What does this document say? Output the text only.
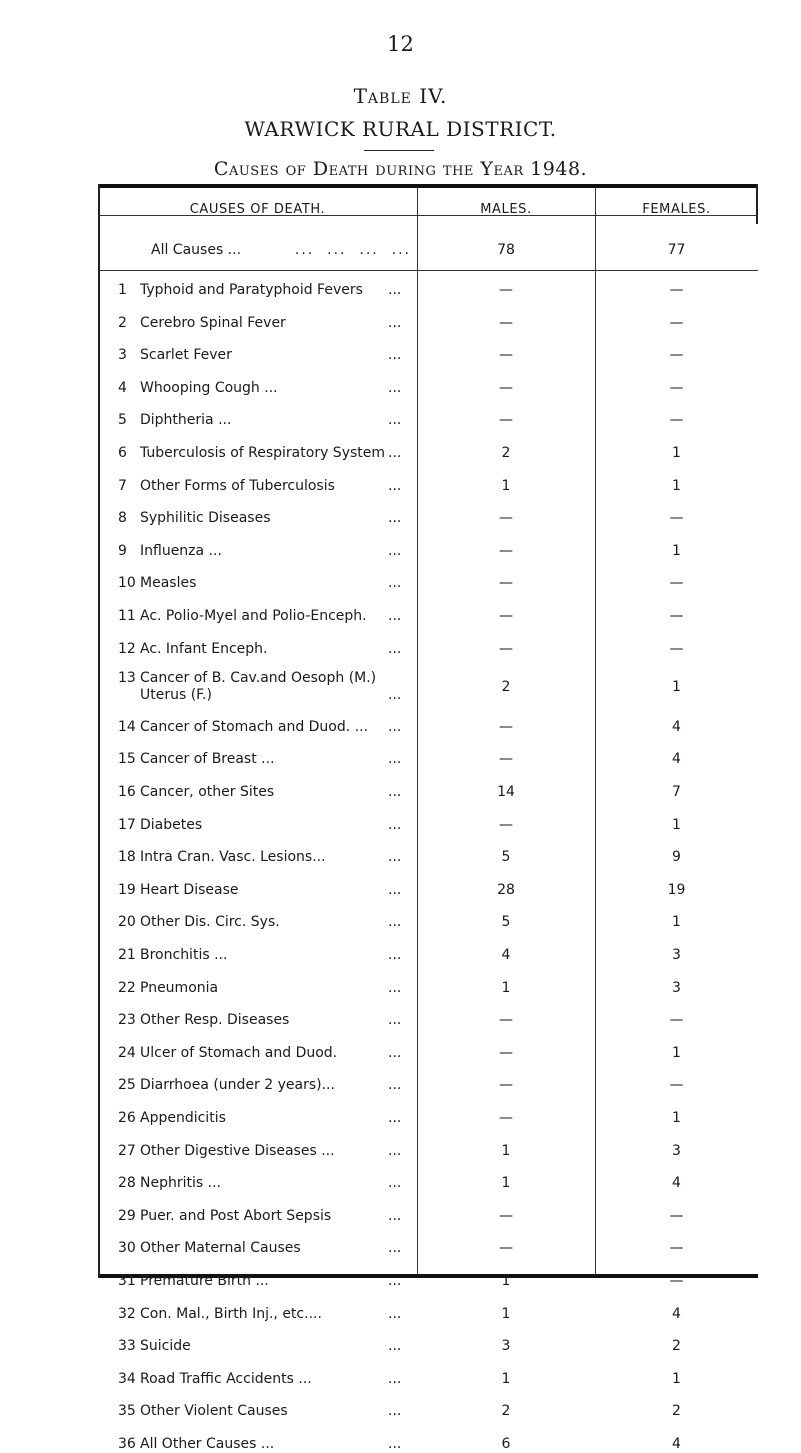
12
Table IV.
WARWICK RURAL DISTRICT.
Causes of Death during the Year 1948.
CAUSES OF DEATH.	MALES.	FEMALES.
All Causes ...	...  ...  ...  ...	78	77
1 Typhoid and Paratyphoid Fevers	...	—	—
2 Cerebro Spinal Fever	...	—	—
3 Scarlet Fever	...	—	—
4 Whooping Cough ...	...	—	—
5 Diphtheria ...	...	—	—
6 Tuberculosis of Respiratory System ...	2	1
7 Other Forms of Tuberculosis	...	1	1
8 Syphilitic Diseases	...	—	—
9 Influenza ...	...	—	1
10 Measles	...	—	—
11 Ac. Polio-Myel and Polio-Enceph.	...	—	—
12 Ac. Infant Enceph.	...	—	—
13 Cancer of B. Cav.and Oesoph (M.)
Uterus (F.)	...	2	1
14 Cancer of Stomach and Duod. ...	...	—	4
15 Cancer of Breast ...	...	—	4
16 Cancer, other Sites	...	14	7
17 Diabetes	...	—	1
18 Intra Cran. Vasc. Lesions...	...	5	9
19 Heart Disease	...	28	19
20 Other Dis. Circ. Sys.	...	5	1
21 Bronchitis ...	...	4	3
22 Pneumonia	...	1	3
23 Other Resp. Diseases	...	—	—
24 Ulcer of Stomach and Duod.	...	—	1
25 Diarrhoea (under 2 years)...	...	—	—
26 Appendicitis	...	—	1
27 Other Digestive Diseases ...	...	1	3
28 Nephritis ...	...	1	4
29 Puer. and Post Abort Sepsis	...	—	—
30 Other Maternal Causes	...	—	—
31 Premature Birth ...	...	1	—
32 Con. Mal., Birth Inj., etc....	...	1	4
33 Suicide	...	3	2
34 Road Traffic Accidents ...	...	1	1
35 Other Violent Causes	...	2	2
36 All Other Causes ...	...	6	4
